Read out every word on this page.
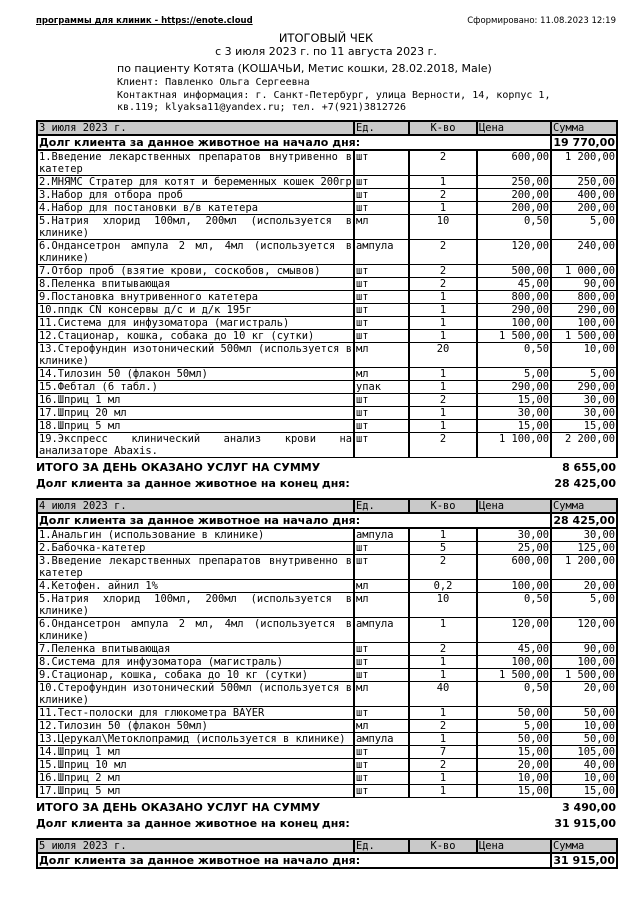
программы для клиник - https://enote.cloud	Сформировано: 11.08.2023 12:19
ИТОГОВЫЙ ЧЕК
с 3 июля 2023 г. по 11 августа 2023 г.
по пациенту Котята (КОШАЧЬИ, Метис кошки, 28.02.2018, Male)
Клиент: Павленко Ольга Сергеевна
Контактная информация: г. Санкт-Петербург, улица Верности, 14, корпус 1,
кв.119; klyaksa11@yandex.ru; тел. +7(921)3812726
3 июля 2023 г.	Ед.	К-во	Цена	Сумма
Долг клиента за данное животное на начало дня:				19 770,00
1.Введение лекарственных препаратов внутривенно в катетер	шт	2	600,00	1 200,00
2.МНЯМС Стратер для котят и беременных кошек 200гр	шт	1	250,00	250,00
3.Набор для отбора проб	шт	2	200,00	400,00
4.Набор для постановки в/в катетера	шт	1	200,00	200,00
5.Натрия хлорид 100мл, 200мл (используется в клинике)	мл	10	0,50	5,00
6.Ондансетрон ампула 2 мл, 4мл (используется в клинике)	ампула	2	120,00	240,00
7.Отбор проб (взятие крови, соскобов, смывов)	шт	2	500,00	1 000,00
8.Пеленка впитывающая	шт	2	45,00	90,00
9.Постановка внутривенного катетера	шт	1	800,00	800,00
10.ппдк CN консервы д/с и д/к 195г	шт	1	290,00	290,00
11.Система для инфузоматора (магистраль)	шт	1	100,00	100,00
12.Стационар, кошка, собака до 10 кг (сутки)	шт	1	1 500,00	1 500,00
13.Стерофундин изотонический 500мл (используется в клинике)	мл	20	0,50	10,00
14.Тилозин 50 (флакон 50мл)	мл	1	5,00	5,00
15.Фебтал (6 табл.)	упак	1	290,00	290,00
16.Шприц 1 мл	шт	2	15,00	30,00
17.Шприц 20 мл	шт	1	30,00	30,00
18.Шприц 5 мл	шт	1	15,00	15,00
19.Экспресс клинический анализ крови на анализаторе Abaxis.	шт	2	1 100,00	2 200,00
ИТОГО ЗА ДЕНЬ ОКАЗАНО УСЛУГ НА СУММУ	8 655,00
Долг клиента за данное животное на конец дня:	28 425,00
4 июля 2023 г.	Ед.	К-во	Цена	Сумма
Долг клиента за данное животное на начало дня:				28 425,00
1.Анальгин (использование в клинике)	ампула	1	30,00	30,00
2.Бабочка-катетер	шт	5	25,00	125,00
3.Введение лекарственных препаратов внутривенно в катетер	шт	2	600,00	1 200,00
4.Кетофен. айнил 1%	мл	0,2	100,00	20,00
5.Натрия хлорид 100мл, 200мл (используется в клинике)	мл	10	0,50	5,00
6.Ондансетрон ампула 2 мл, 4мл (используется в клинике)	ампула	1	120,00	120,00
7.Пеленка впитывающая	шт	2	45,00	90,00
8.Система для инфузоматора (магистраль)	шт	1	100,00	100,00
9.Стационар, кошка, собака до 10 кг (сутки)	шт	1	1 500,00	1 500,00
10.Стерофундин изотонический 500мл (используется в клинике)	мл	40	0,50	20,00
11.Тест-полоски для глюкометра BAYER	шт	1	50,00	50,00
12.Тилозин 50 (флакон 50мл)	мл	2	5,00	10,00
13.Церукал\Метоклопрамид (используется в клинике)	ампула	1	50,00	50,00
14.Шприц 1 мл	шт	7	15,00	105,00
15.Шприц 10 мл	шт	2	20,00	40,00
16.Шприц 2 мл	шт	1	10,00	10,00
17.Шприц 5 мл	шт	1	15,00	15,00
ИТОГО ЗА ДЕНЬ ОКАЗАНО УСЛУГ НА СУММУ	3 490,00
Долг клиента за данное животное на конец дня:	31 915,00
5 июля 2023 г.	Ед.	К-во	Цена	Сумма
Долг клиента за данное животное на начало дня:				31 915,00
